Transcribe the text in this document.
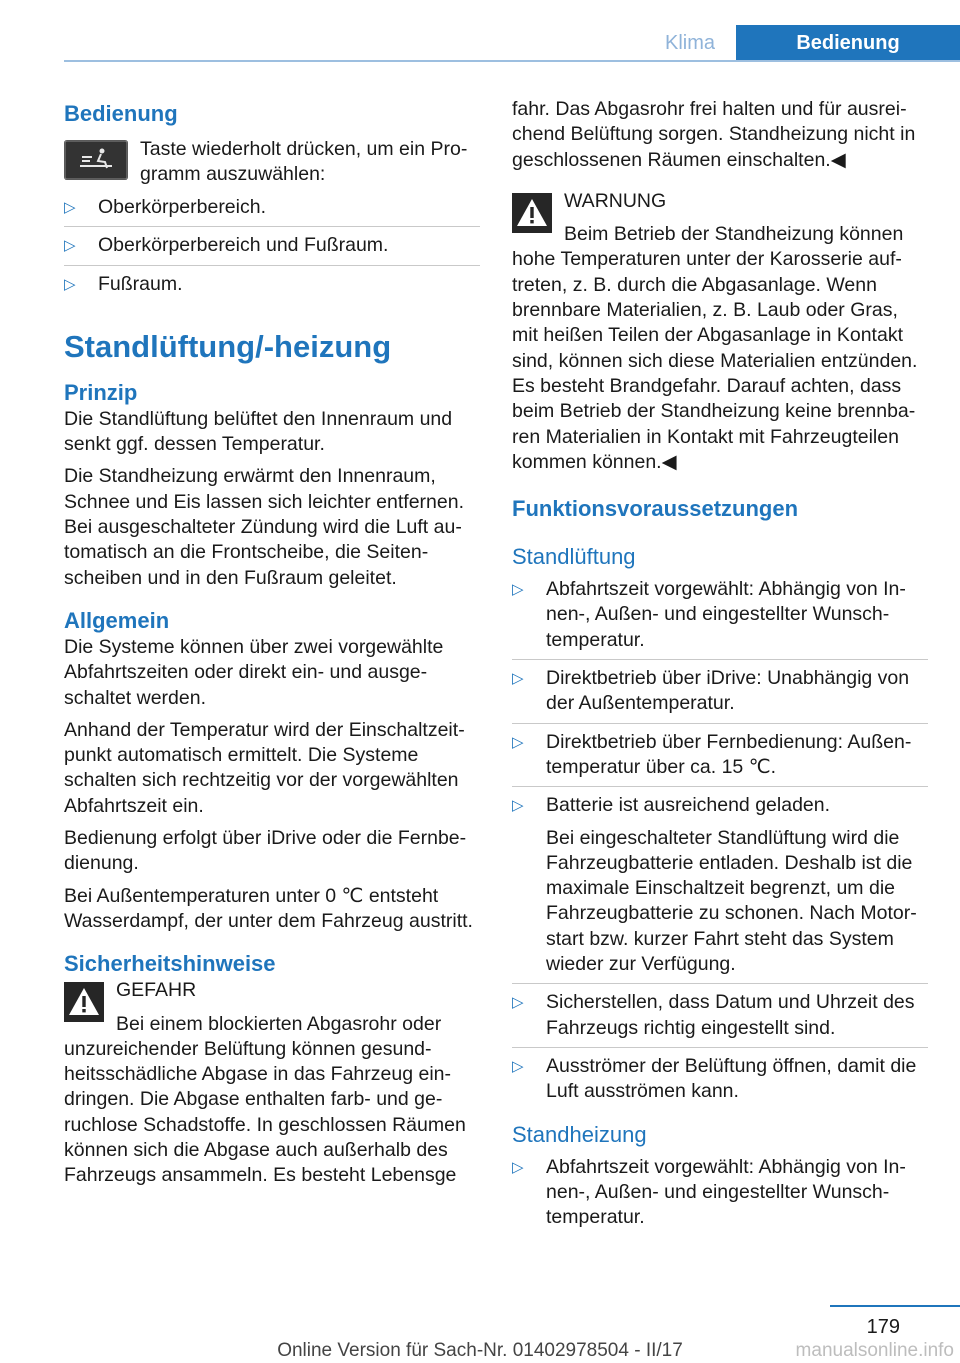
Klima	Bedienung
Bedienung
Taste wiederholt drücken, um ein Programm auszuwählen:
▷ Oberkörperbereich.
▷ Oberkörperbereich und Fußraum.
▷ Fußraum.
Standlüftung/-heizung
Prinzip

Die Standlüftung belüftet den Innenraum und senkt ggf. dessen Temperatur.

Die Standheizung erwärmt den Innenraum, Schnee und Eis lassen sich leichter entfernen. Bei ausgeschalteter Zündung wird die Luft automatisch an die Frontscheibe, die Seitenscheiben und in den Fußraum geleitet.

Allgemein

Die Systeme können über zwei vorgewählte Abfahrtszeiten oder direkt ein- und ausgeschaltet werden.

Anhand der Temperatur wird der Einschaltzeitpunkt automatisch ermittelt. Die Systeme schalten sich rechtzeitig vor der vorgewählten Abfahrtszeit ein.

Bedienung erfolgt über iDrive oder die Fernbedienung.

Bei Außentemperaturen unter 0 ℃ entsteht Wasserdampf, der unter dem Fahrzeug austritt.

Sicherheitshinweise
GEFAHR
Bei einem blockierten Abgasrohr oder
unzureichender Belüftung können gesundheitsschädliche Abgase in das Fahrzeug eindringen. Die Abgase enthalten farb- und geruchlose Schadstoffe. In geschlossen Räumen können sich die Abgase auch außerhalb des Fahrzeugs ansammeln. Es besteht Lebensge

fahr. Das Abgasrohr frei halten und für ausreichend Belüftung sorgen. Standheizung nicht in geschlossenen Räumen einschalten.◀

WARNUNG
Beim Betrieb der Standheizung können
hohe Temperaturen unter der Karosserie auftreten, z. B. durch die Abgasanlage. Wenn brennbare Materialien, z. B. Laub oder Gras, mit heißen Teilen der Abgasanlage in Kontakt sind, können sich diese Materialien entzünden. Es besteht Brandgefahr. Darauf achten, dass beim Betrieb der Standheizung keine brennbaren Materialien in Kontakt mit Fahrzeugteilen kommen können.◀
Funktionsvoraussetzungen
Standlüftung
▷ Abfahrtszeit vorgewählt: Abhängig von Innen-, Außen- und eingestellter Wunschtemperatur.
▷ Direktbetrieb über iDrive: Unabhängig von der Außentemperatur.
▷ Direktbetrieb über Fernbedienung: Außentemperatur über ca. 15 ℃.
▷ Batterie ist ausreichend geladen.

Bei eingeschalteter Standlüftung wird die Fahrzeugbatterie entladen. Deshalb ist die maximale Einschaltzeit begrenzt, um die Fahrzeugbatterie zu schonen. Nach Motorstart bzw. kurzer Fahrt steht das System wieder zur Verfügung.

▷ Sicherstellen, dass Datum und Uhrzeit des Fahrzeugs richtig eingestellt sind.
▷ Ausströmer der Belüftung öffnen, damit die Luft ausströmen kann.
Standheizung
▷ Abfahrtszeit vorgewählt: Abhängig von Innen-, Außen- und eingestellter Wunschtemperatur.
179
Online Version für Sach-Nr. 01402978504 - II/17	manualsonline.info
